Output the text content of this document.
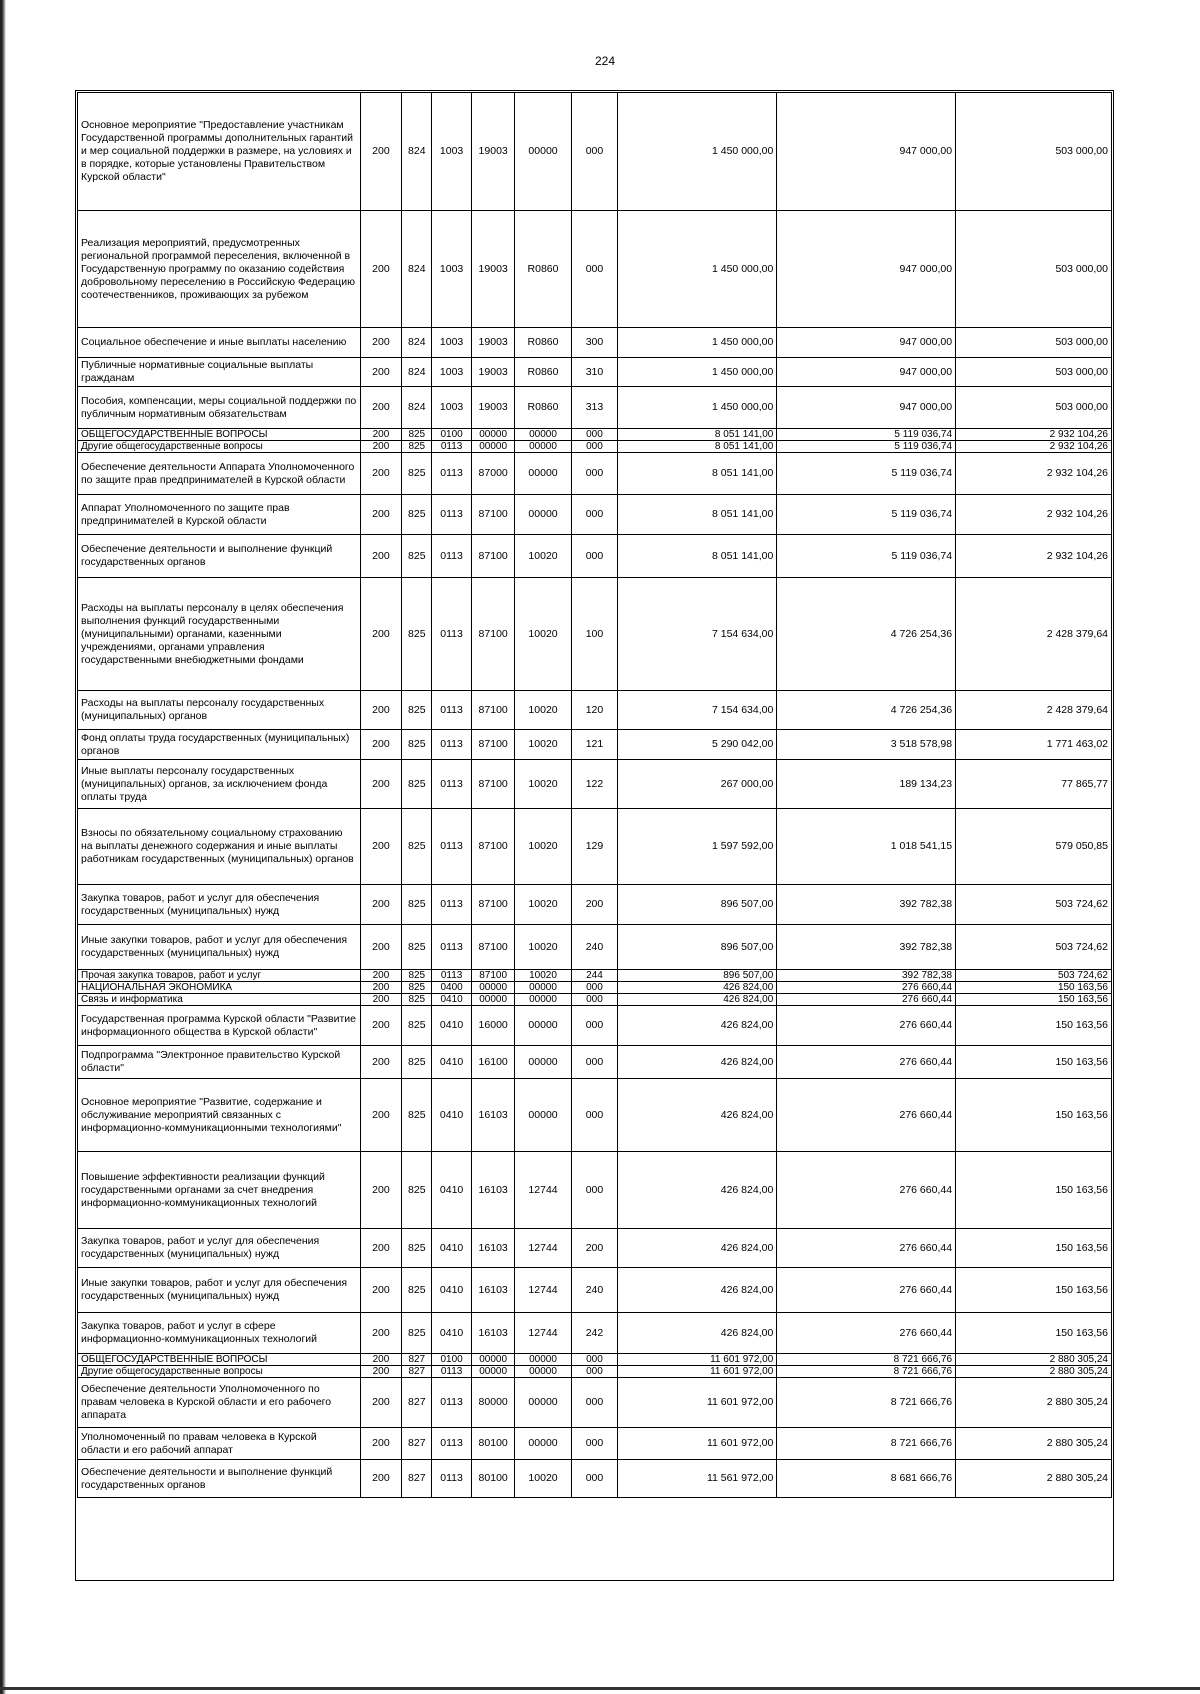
224
Основное мероприятие "Предоставление участникам Государственной программы дополнительных гарантий и мер социальной поддержки в размере, на условиях и в порядке, которые установлены Правительством Курской области"	200	824	1003	19003	00000	000	1 450 000,00	947 000,00	503 000,00
Реализация мероприятий, предусмотренных региональной программой переселения, включенной в Государственную программу по оказанию содействия добровольному переселению в Российскую Федерацию соотечественников, проживающих за рубежом	200	824	1003	19003	R0860	000	1 450 000,00	947 000,00	503 000,00
Социальное обеспечение и иные выплаты населению	200	824	1003	19003	R0860	300	1 450 000,00	947 000,00	503 000,00
Публичные нормативные социальные выплаты гражданам	200	824	1003	19003	R0860	310	1 450 000,00	947 000,00	503 000,00
Пособия, компенсации, меры социальной поддержки по публичным нормативным обязательствам	200	824	1003	19003	R0860	313	1 450 000,00	947 000,00	503 000,00
ОБЩЕГОСУДАРСТВЕННЫЕ ВОПРОСЫ	200	825	0100	00000	00000	000	8 051 141,00	5 119 036,74	2 932 104,26
Другие общегосударственные вопросы	200	825	0113	00000	00000	000	8 051 141,00	5 119 036,74	2 932 104,26
Обеспечение деятельности Аппарата Уполномоченного по защите прав предпринимателей в Курской области	200	825	0113	87000	00000	000	8 051 141,00	5 119 036,74	2 932 104,26
Аппарат Уполномоченного по защите прав предпринимателей в Курской области	200	825	0113	87100	00000	000	8 051 141,00	5 119 036,74	2 932 104,26
Обеспечение деятельности и выполнение функций государственных органов	200	825	0113	87100	10020	000	8 051 141,00	5 119 036,74	2 932 104,26
Расходы на выплаты персоналу в целях обеспечения выполнения функций государственными (муниципальными) органами, казенными учреждениями, органами управления государственными внебюджетными фондами	200	825	0113	87100	10020	100	7 154 634,00	4 726 254,36	2 428 379,64
Расходы на выплаты персоналу государственных (муниципальных) органов	200	825	0113	87100	10020	120	7 154 634,00	4 726 254,36	2 428 379,64
Фонд оплаты труда государственных (муниципальных) органов	200	825	0113	87100	10020	121	5 290 042,00	3 518 578,98	1 771 463,02
Иные выплаты персоналу государственных (муниципальных) органов, за исключением фонда оплаты труда	200	825	0113	87100	10020	122	267 000,00	189 134,23	77 865,77
Взносы по обязательному социальному страхованию на выплаты денежного содержания и иные выплаты работникам государственных (муниципальных) органов	200	825	0113	87100	10020	129	1 597 592,00	1 018 541,15	579 050,85
Закупка товаров, работ и услуг для обеспечения государственных (муниципальных) нужд	200	825	0113	87100	10020	200	896 507,00	392 782,38	503 724,62
Иные закупки товаров, работ и услуг для обеспечения государственных (муниципальных) нужд	200	825	0113	87100	10020	240	896 507,00	392 782,38	503 724,62
Прочая закупка товаров, работ и услуг	200	825	0113	87100	10020	244	896 507,00	392 782,38	503 724,62
НАЦИОНАЛЬНАЯ ЭКОНОМИКА	200	825	0400	00000	00000	000	426 824,00	276 660,44	150 163,56
Связь и информатика	200	825	0410	00000	00000	000	426 824,00	276 660,44	150 163,56
Государственная программа Курской области "Развитие информационного общества в Курской области"	200	825	0410	16000	00000	000	426 824,00	276 660,44	150 163,56
Подпрограмма "Электронное правительство Курской области"	200	825	0410	16100	00000	000	426 824,00	276 660,44	150 163,56
Основное мероприятие "Развитие, содержание и обслуживание мероприятий связанных с информационно-коммуникационными технологиями"	200	825	0410	16103	00000	000	426 824,00	276 660,44	150 163,56
Повышение эффективности реализации функций государственными органами за счет внедрения информационно-коммуникационных технологий	200	825	0410	16103	12744	000	426 824,00	276 660,44	150 163,56
Закупка товаров, работ и услуг для обеспечения государственных (муниципальных) нужд	200	825	0410	16103	12744	200	426 824,00	276 660,44	150 163,56
Иные закупки товаров, работ и услуг для обеспечения государственных (муниципальных) нужд	200	825	0410	16103	12744	240	426 824,00	276 660,44	150 163,56
Закупка товаров, работ и услуг в сфере информационно-коммуникационных технологий	200	825	0410	16103	12744	242	426 824,00	276 660,44	150 163,56
ОБЩЕГОСУДАРСТВЕННЫЕ ВОПРОСЫ	200	827	0100	00000	00000	000	11 601 972,00	8 721 666,76	2 880 305,24
Другие общегосударственные вопросы	200	827	0113	00000	00000	000	11 601 972,00	8 721 666,76	2 880 305,24
Обеспечение деятельности Уполномоченного по правам человека в Курской области и его рабочего аппарата	200	827	0113	80000	00000	000	11 601 972,00	8 721 666,76	2 880 305,24
Уполномоченный по правам человека в Курской области и его рабочий аппарат	200	827	0113	80100	00000	000	11 601 972,00	8 721 666,76	2 880 305,24
Обеспечение деятельности и выполнение функций государственных органов	200	827	0113	80100	10020	000	11 561 972,00	8 681 666,76	2 880 305,24
